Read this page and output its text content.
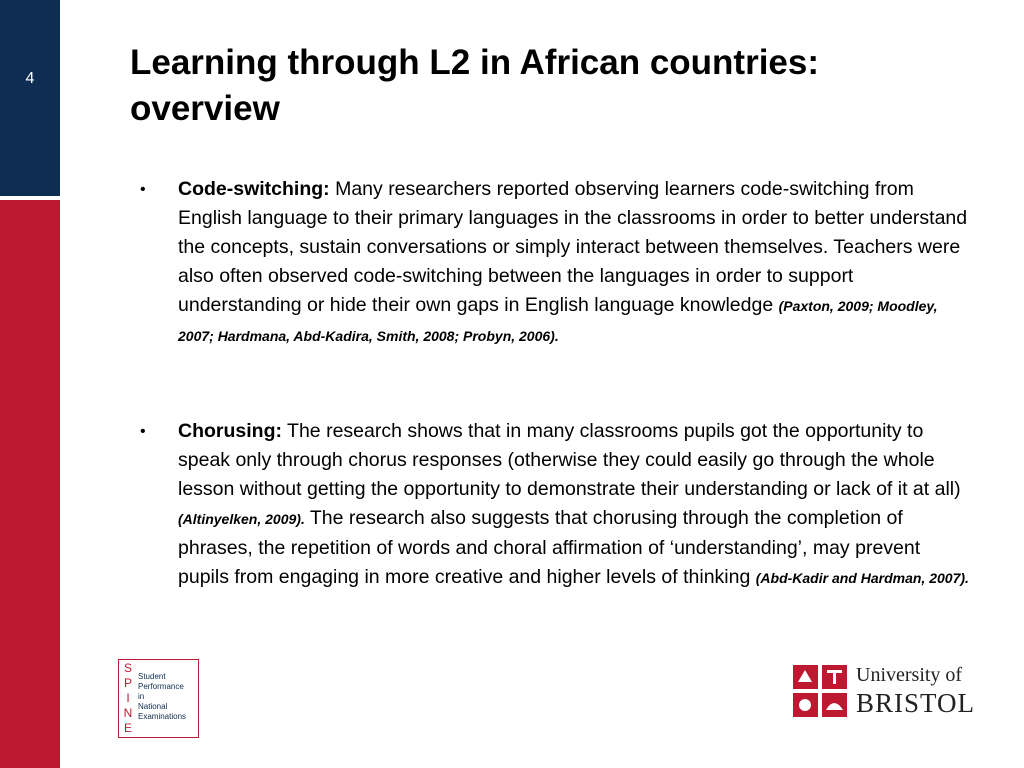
4	Learning through L2 in African countries:
overview
• Code-switching: Many researchers reported observing learners code-switching from English language to their primary languages in the classrooms in order to better understand the concepts, sustain conversations or simply interact between themselves. Teachers were also often observed code-switching between the languages in order to support understanding or hide their own gaps in English language knowledge (Paxton, 2009; Moodley, 2007; Hardmana, Abd-Kadira, Smith, 2008; Probyn, 2006).
• Chorusing: The research shows that in many classrooms pupils got the opportunity to speak only through chorus responses (otherwise they could easily go through the whole lesson without getting the opportunity to demonstrate their understanding or lack of it at all) (Altinyelken, 2009). The research also suggests that chorusing through the completion of phrases, the repetition of words and choral affirmation of ‘understanding’, may prevent pupils from engaging in more creative and higher levels of thinking (Abd-Kadir and Hardman, 2007).
S
P
I
N
E
Student
Performance
in
National
Examinations
University of
BRISTOL
